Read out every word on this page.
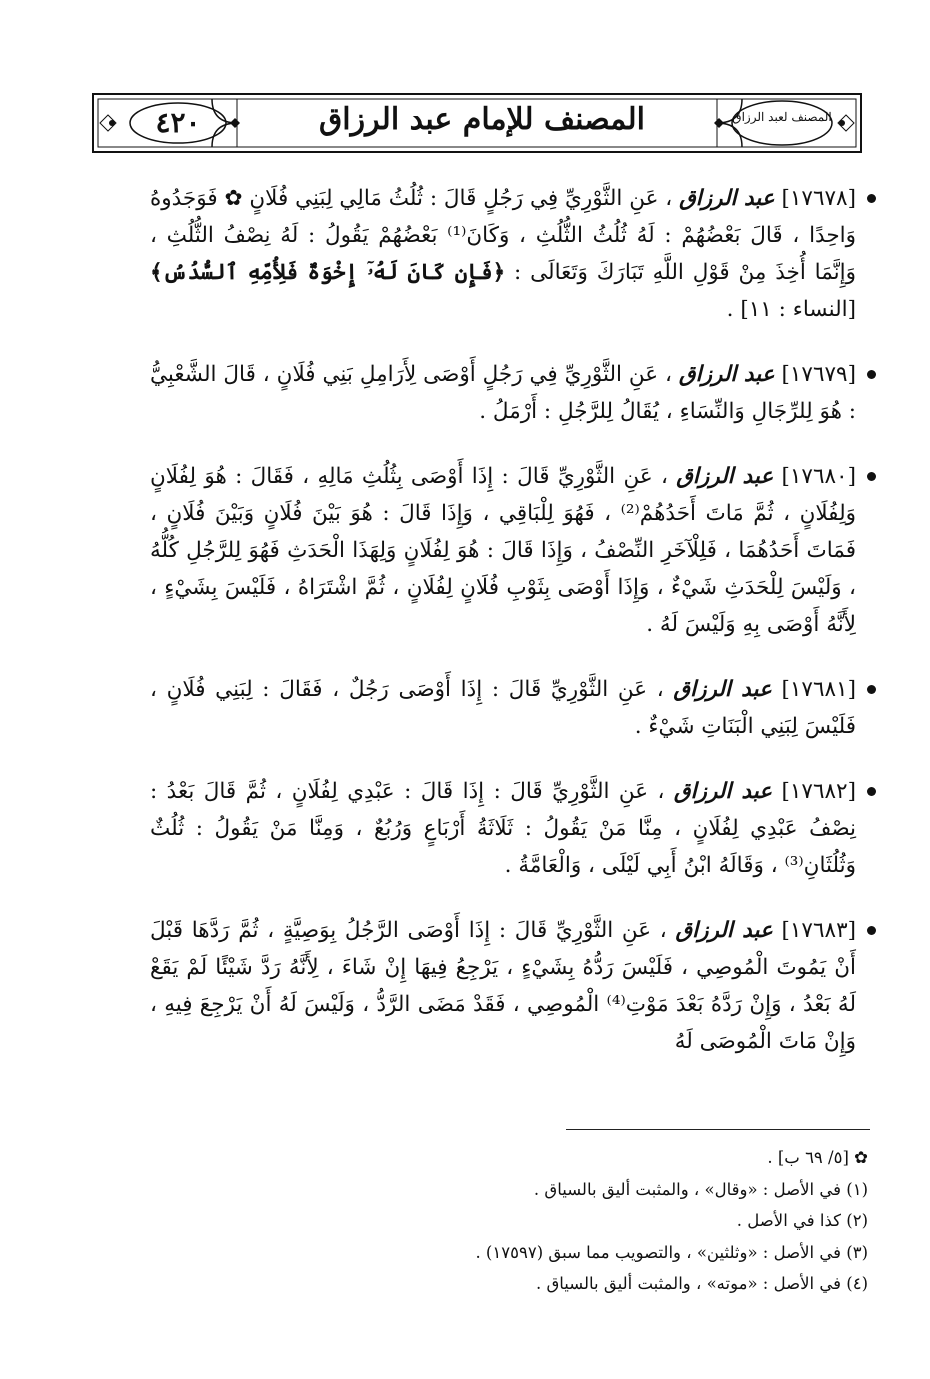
٤٢٠	المصنف للإمام عبد الرزاق	المصنف لعبد الرزاق

[١٧٦٧٨] عبد الرزاق ، عَنِ الثَّوْرِيِّ فِي رَجُلٍ قَالَ : ثُلُثُ مَالِي لِبَنِي فُلَانٍ ✿ فَوَجَدُوهُ وَاحِدًا ، قَالَ بَعْضُهُمْ : لَهُ ثُلُثُ الثُّلُثِ ، وَكَانَ⁽¹⁾ بَعْضُهُمْ يَقُولُ : لَهُ نِصْفُ الثُّلُثِ ، وَإِنَّمَا أُخِذَ مِنْ قَوْلِ اللَّهِ تَبَارَكَ وَتَعَالَى : ﴿فَإِن كَانَ لَهُۥٓ إِخْوَةٌ فَلِأُمِّهِ ٱلسُّدُسُ﴾ [النساء : ١١] .

[١٧٦٧٩] عبد الرزاق ، عَنِ الثَّوْرِيِّ فِي رَجُلٍ أَوْصَى لِأَرَامِلِ بَنِي فُلَانٍ ، قَالَ الشَّعْبِيُّ : هُوَ لِلرِّجَالِ وَالنِّسَاءِ ، يُقَالُ لِلرَّجُلِ : أَرْمَلُ .

[١٧٦٨٠] عبد الرزاق ، عَنِ الثَّوْرِيِّ قَالَ : إِذَا أَوْصَى بِثُلُثِ مَالِهِ ، فَقَالَ : هُوَ لِفُلَانٍ وَلِفُلَانٍ ، ثُمَّ مَاتَ أَحَدُهُمْ⁽²⁾ ، فَهُوَ لِلْبَاقِي ، وَإِذَا قَالَ : هُوَ بَيْنَ فُلَانٍ وَبَيْنَ فُلَانٍ ، فَمَاتَ أَحَدُهُمَا ، فَلِلْآخَرِ النِّصْفُ ، وَإِذَا قَالَ : هُوَ لِفُلَانٍ وَلِهَذَا الْحَدَثِ فَهُوَ لِلرَّجُلِ كُلُّهُ ، وَلَيْسَ لِلْحَدَثِ شَيْءٌ ، وَإِذَا أَوْصَى بِثَوْبِ فُلَانٍ لِفُلَانٍ ، ثُمَّ اشْتَرَاهُ ، فَلَيْسَ بِشَيْءٍ ، لِأَنَّهُ أَوْصَى بِهِ وَلَيْسَ لَهُ .

[١٧٦٨١] عبد الرزاق ، عَنِ الثَّوْرِيِّ قَالَ : إِذَا أَوْصَى رَجُلٌ ، فَقَالَ : لِبَنِي فُلَانٍ ، فَلَيْسَ لِبَنِي الْبَنَاتِ شَيْءٌ .

[١٧٦٨٢] عبد الرزاق ، عَنِ الثَّوْرِيِّ قَالَ : إِذَا قَالَ : عَبْدِي لِفُلَانٍ ، ثُمَّ قَالَ بَعْدُ : نِصْفُ عَبْدِي لِفُلَانٍ ، مِنَّا مَنْ يَقُولُ : ثَلَاثَةُ أَرْبَاعٍ وَرُبُعٌ ، وَمِنَّا مَنْ يَقُولُ : ثُلُثٌ وَثُلُثَانِ⁽³⁾ ، وَقَالَهُ ابْنُ أَبِي لَيْلَى ، وَالْعَامَّةُ .

[١٧٦٨٣] عبد الرزاق ، عَنِ الثَّوْرِيِّ قَالَ : إِذَا أَوْصَى الرَّجُلُ بِوَصِيَّةٍ ، ثُمَّ رَدَّهَا قَبْلَ أَنْ يَمُوتَ الْمُوصِي ، فَلَيْسَ رَدُّهُ بِشَيْءٍ ، يَرْجِعُ فِيهَا إِنْ شَاءَ ، لِأَنَّهُ رَدَّ شَيْئًا لَمْ يَقَعْ لَهُ بَعْدُ ، وَإِنْ رَدَّهُ بَعْدَ مَوْتِ⁽⁴⁾ الْمُوصِي ، فَقَدْ مَضَى الرَّدُّ ، وَلَيْسَ لَهُ أَنْ يَرْجِعَ فِيهِ ، وَإِنْ مَاتَ الْمُوصَى لَهُ

✿ [٥/ ٦٩ ب] .
(١) في الأصل : «وقال» ، والمثبت أليق بالسياق .
(٢) كذا في الأصل .
(٣) في الأصل : «وثلثين» ، والتصويب مما سبق (١٧٥٩٧) .
(٤) في الأصل : «موته» ، والمثبت أليق بالسياق .
